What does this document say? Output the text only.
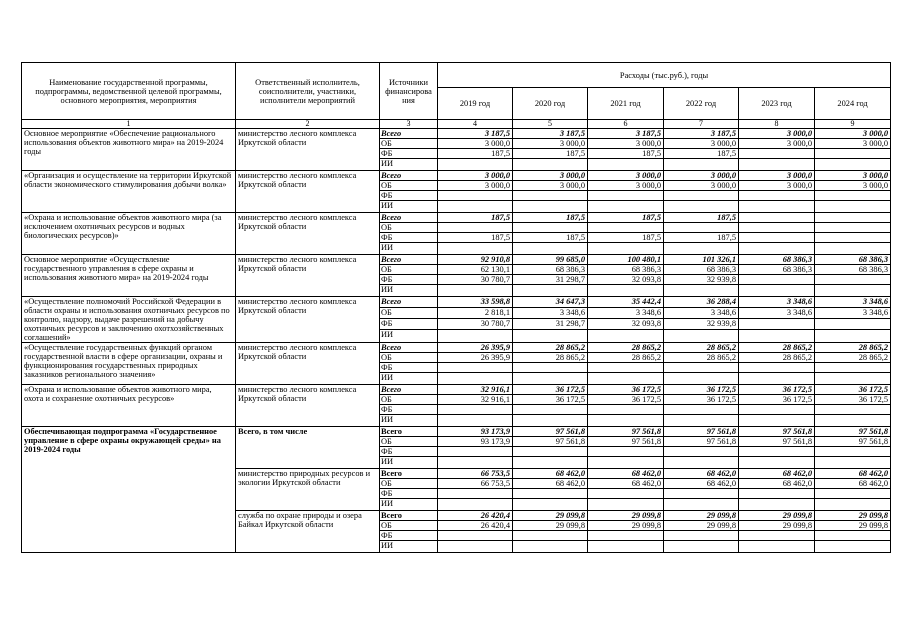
Наименование государственной программы, подпрограммы, ведомственной целевой программы, основного мероприятия, мероприятия	Ответственный исполнитель, соисполнители, участники, исполнители мероприятий	Источники финансирова ния	Расходы (тыс.руб.), годы					
			2019 год	2020 год	2021 год	2022 год	2023 год	2024 год
1	2	3	4	5	6	7	8	9
Основное мероприятие «Обеспечение рационального использования объектов животного мира» на 2019-2024 годы	министерство лесного комплекса Иркутской области	Всего	3 187,5	3 187,5	3 187,5	3 187,5	3 000,0	3 000,0
		ОБ	3 000,0	3 000,0	3 000,0	3 000,0	3 000,0	3 000,0
		ФБ	187,5	187,5	187,5	187,5		
		ИИ						
«Организация и осуществление на территории Иркутской области экономического стимулирования добычи волка»	министерство лесного комплекса Иркутской области	Всего	3 000,0	3 000,0	3 000,0	3 000,0	3 000,0	3 000,0
		ОБ	3 000,0	3 000,0	3 000,0	3 000,0	3 000,0	3 000,0
		ФБ						
		ИИ						
«Охрана и использование объектов животного мира (за исключением охотничьих ресурсов и водных биологических ресурсов)»	министерство лесного комплекса Иркутской области	Всего	187,5	187,5	187,5	187,5		
		ОБ						
		ФБ	187,5	187,5	187,5	187,5		
		ИИ						
Основное мероприятие «Осуществление государственного управления в сфере охраны и использования животного мира» на 2019-2024 годы	министерство лесного комплекса Иркутской области	Всего	92 910,8	99 685,0	100 480,1	101 326,1	68 386,3	68 386,3
		ОБ	62 130,1	68 386,3	68 386,3	68 386,3	68 386,3	68 386,3
		ФБ	30 780,7	31 298,7	32 093,8	32 939,8		
		ИИ						
«Осуществление полномочий Российской Федерации в области охраны и использования охотничьих ресурсов по контролю, надзору, выдаче разрешений на добычу охотничьих ресурсов и заключению охотхозяйственных соглашений»	министерство лесного комплекса Иркутской области	Всего	33 598,8	34 647,3	35 442,4	36 288,4	3 348,6	3 348,6
		ОБ	2 818,1	3 348,6	3 348,6	3 348,6	3 348,6	3 348,6
		ФБ	30 780,7	31 298,7	32 093,8	32 939,8		
		ИИ						
«Осуществление государственных функций органом государственной власти в сфере организации, охраны и функционирования государственных природных заказников регионального значения»	министерство лесного комплекса Иркутской области	Всего	26 395,9	28 865,2	28 865,2	28 865,2	28 865,2	28 865,2
		ОБ	26 395,9	28 865,2	28 865,2	28 865,2	28 865,2	28 865,2
		ФБ						
		ИИ						
«Охрана и использование объектов животного мира, охота и сохранение охотничьих ресурсов»	министерство лесного комплекса Иркутской области	Всего	32 916,1	36 172,5	36 172,5	36 172,5	36 172,5	36 172,5
		ОБ	32 916,1	36 172,5	36 172,5	36 172,5	36 172,5	36 172,5
		ФБ						
		ИИ						
Обеспечивающая подпрограмма «Государственное управление в сфере охраны окружающей среды» на 2019-2024 годы	Всего, в том числе	Всего	93 173,9	97 561,8	97 561,8	97 561,8	97 561,8	97 561,8
		ОБ	93 173,9	97 561,8	97 561,8	97 561,8	97 561,8	97 561,8
		ФБ						
		ИИ						
	министерство природных ресурсов и экологии Иркутской области	Всего	66 753,5	68 462,0	68 462,0	68 462,0	68 462,0	68 462,0
		ОБ	66 753,5	68 462,0	68 462,0	68 462,0	68 462,0	68 462,0
		ФБ						
		ИИ						
	служба по охране природы и озера Байкал Иркутской области	Всего	26 420,4	29 099,8	29 099,8	29 099,8	29 099,8	29 099,8
		ОБ	26 420,4	29 099,8	29 099,8	29 099,8	29 099,8	29 099,8
		ФБ						
		ИИ						
